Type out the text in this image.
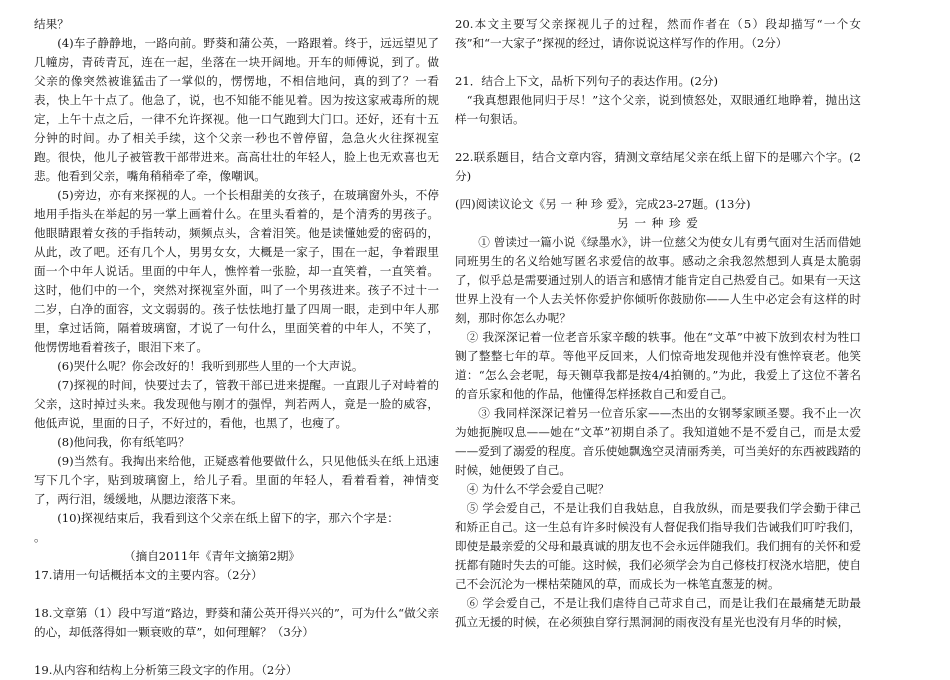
结果？

(4)车子静静地，一路向前。野葵和蒲公英，一路跟着。终于，远远望见了几幢房，青砖青瓦，连在一起，坐落在一块开阔地。开车的师傅说，到了。做父亲的像突然被谁猛击了一掌似的，愣愣地，不相信地问，真的到了？一看表，快上午十点了。他急了，说，也不知能不能见着。因为按这家戒毒所的规定，上午十点之后，一律不允许探视。他一口气跑到大门口。还好，还有十五分钟的时间。办了相关手续，这个父亲一秒也不曾停留，急急火火往探视室跑。很快，他儿子被管教干部带进来。高高壮壮的年轻人，脸上也无欢喜也无悲。他看到父亲，嘴角稍稍牵了牵，像嘲讽。

(5)旁边，亦有来探视的人。一个长相甜美的女孩子，在玻璃窗外头，不停地用手指头在举起的另一掌上画着什么。在里头看着的，是个清秀的男孩子。他眼睛跟着女孩的手指转动，频频点头，含着泪笑。他是读懂她爱的密码的，从此，改了吧。还有几个人，男男女女，大概是一家子，围在一起，争着跟里面一个中年人说话。里面的中年人，憔悴着一张脸，却一直笑着，一直笑着。这时，他们中的一个，突然对探视室外面，叫了一个男孩进来。孩子不过十一二岁，白净的面容，文文弱弱的。孩子怯怯地打量了四周一眼，走到中年人那里，拿过话筒，隔着玻璃窗，才说了一句什么，里面笑着的中年人，不笑了，他愣愣地看着孩子，眼泪下来了。

(6)哭什么呢？你会改好的！我听到那些人里的一个大声说。

(7)探视的时间，快要过去了，管教干部已进来提醒。一直跟儿子对峙着的父亲，这时掉过头来。我发现他与刚才的强悍，判若两人，竟是一脸的威容，他低声说，里面的日子，不好过的，看他，也黑了，也瘦了。

(8)他问我，你有纸笔吗？

(9)当然有。我掏出来给他，正疑惑着他要做什么，只见他低头在纸上迅速写下几个字，贴到玻璃窗上，给儿子看。里面的年轻人，看着看着，神情变了，两行泪，缓缓地，从腮边滚落下来。

(10)探视结束后，我看到这个父亲在纸上留下的字，那六个字是：。

（摘自2011年《青年文摘第2期》

17.请用一句话概括本文的主要内容。（2分）

18.文章第（1）段中写道“路边，野葵和蒲公英开得兴兴的”，可为什么“做父亲的心，却低落得如一颗衰败的草”，如何理解？（3分）

19.从内容和结构上分析第三段文字的作用。（2分）

20.本文主要写父亲探视儿子的过程，然而作者在（5）段却描写“一个女孩”和“一大家子”探视的经过，请你说说这样写作的作用。（2分）

21．结合上下文，品析下列句子的表达作用。(2分)

“我真想跟他同归于尽！”这个父亲，说到愤怒处，双眼通红地睁着，抛出这样一句狠话。

22.联系题目，结合文章内容，猜测文章结尾父亲在纸上留下的是哪六个字。(2分)

(四)阅读议论文《另 一 种 珍 爱》，完成23-27题。(13分)

另 一 种 珍 爱

① 曾读过一篇小说《绿墨水》，讲一位慈父为使女儿有勇气面对生活而借她同班男生的名义给她写匿名求爱信的故事。感动之余我忽然想到人真是太脆弱了，似乎总是需要通过别人的语言和感情才能肯定自己热爱自己。如果有一天这世界上没有一个人去关怀你爱护你倾听你鼓励你——人生中必定会有这样的时刻，那时你怎么办呢？

② 我深深记着一位老音乐家辛酸的轶事。他在“文革”中被下放到农村为牲口铡了整整七年的草。等他平反回来，人们惊奇地发现他并没有憔悴衰老。他笑道：“怎么会老呢，每天铡草我都是按4/4拍铡的。”为此，我爱上了这位不著名的音乐家和他的作品，他懂得怎样拯救自己和爱自己。

③ 我同样深深记着另一位音乐家——杰出的女钢琴家顾圣婴。我不止一次为她扼腕叹息——她在“文革”初期自杀了。我知道她不是不爱自己，而是太爱——爱到了溺爱的程度。音乐使她飘逸空灵清丽秀美，可当美好的东西被践踏的时候，她便毁了自己。

④ 为什么不学会爱自己呢？

⑤ 学会爱自己，不是让我们自我姑息，自我放纵，而是要我们学会勤于律己和矫正自己。这一生总有许多时候没有人督促我们指导我们告诫我们叮咛我们，即使是最亲爱的父母和最真诚的朋友也不会永远伴随我们。我们拥有的关怀和爱抚都有随时失去的可能。这时候，我们必须学会为自己修枝打杈浇水培肥，使自己不会沉沦为一棵枯荣随风的草，而成长为一株笔直葱茏的树。

⑥ 学会爱自己，不是让我们虐待自己苛求自己，而是让我们在最痛楚无助最孤立无援的时候，在必须独自穿行黑洞洞的雨夜没有星光也没有月华的时候，
